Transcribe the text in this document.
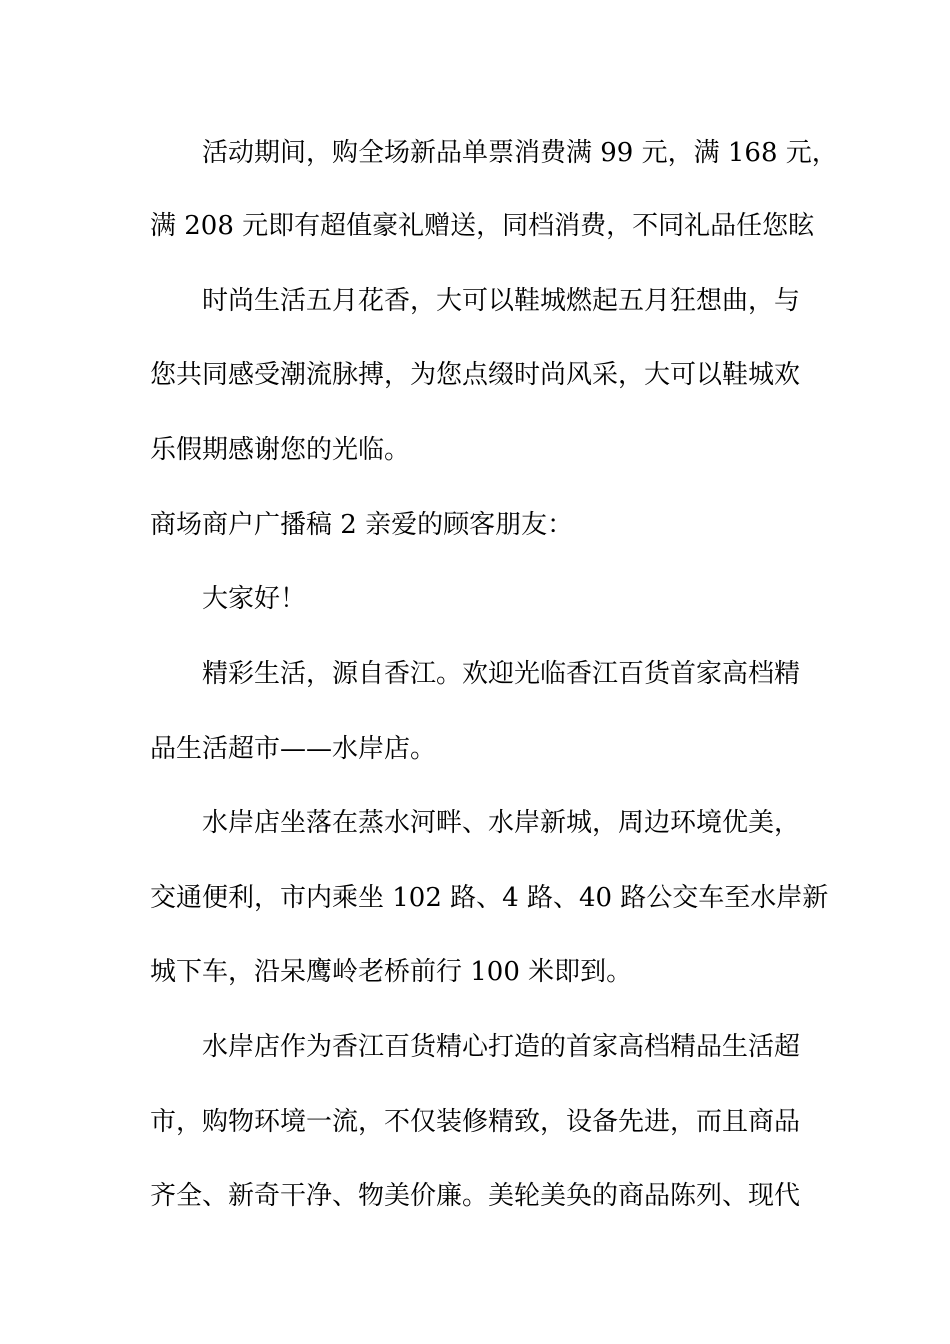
活动期间，购全场新品单票消费满 99 元，满 168 元，
满 208 元即有超值豪礼赠送，同档消费，不同礼品任您眩
时尚生活五月花香，大可以鞋城燃起五月狂想曲，与
您共同感受潮流脉搏，为您点缀时尚风采，大可以鞋城欢
乐假期感谢您的光临。
商场商户广播稿 2 亲爱的顾客朋友：
大家好！
精彩生活，源自香江。欢迎光临香江百货首家高档精
品生活超市——水岸店。
水岸店坐落在蒸水河畔、水岸新城，周边环境优美，
交通便利，市内乘坐 102 路、4 路、40 路公交车至水岸新
城下车，沿呆鹰岭老桥前行 100 米即到。
水岸店作为香江百货精心打造的首家高档精品生活超
市，购物环境一流，不仅装修精致，设备先进，而且商品
齐全、新奇干净、物美价廉。美轮美奂的商品陈列、现代
